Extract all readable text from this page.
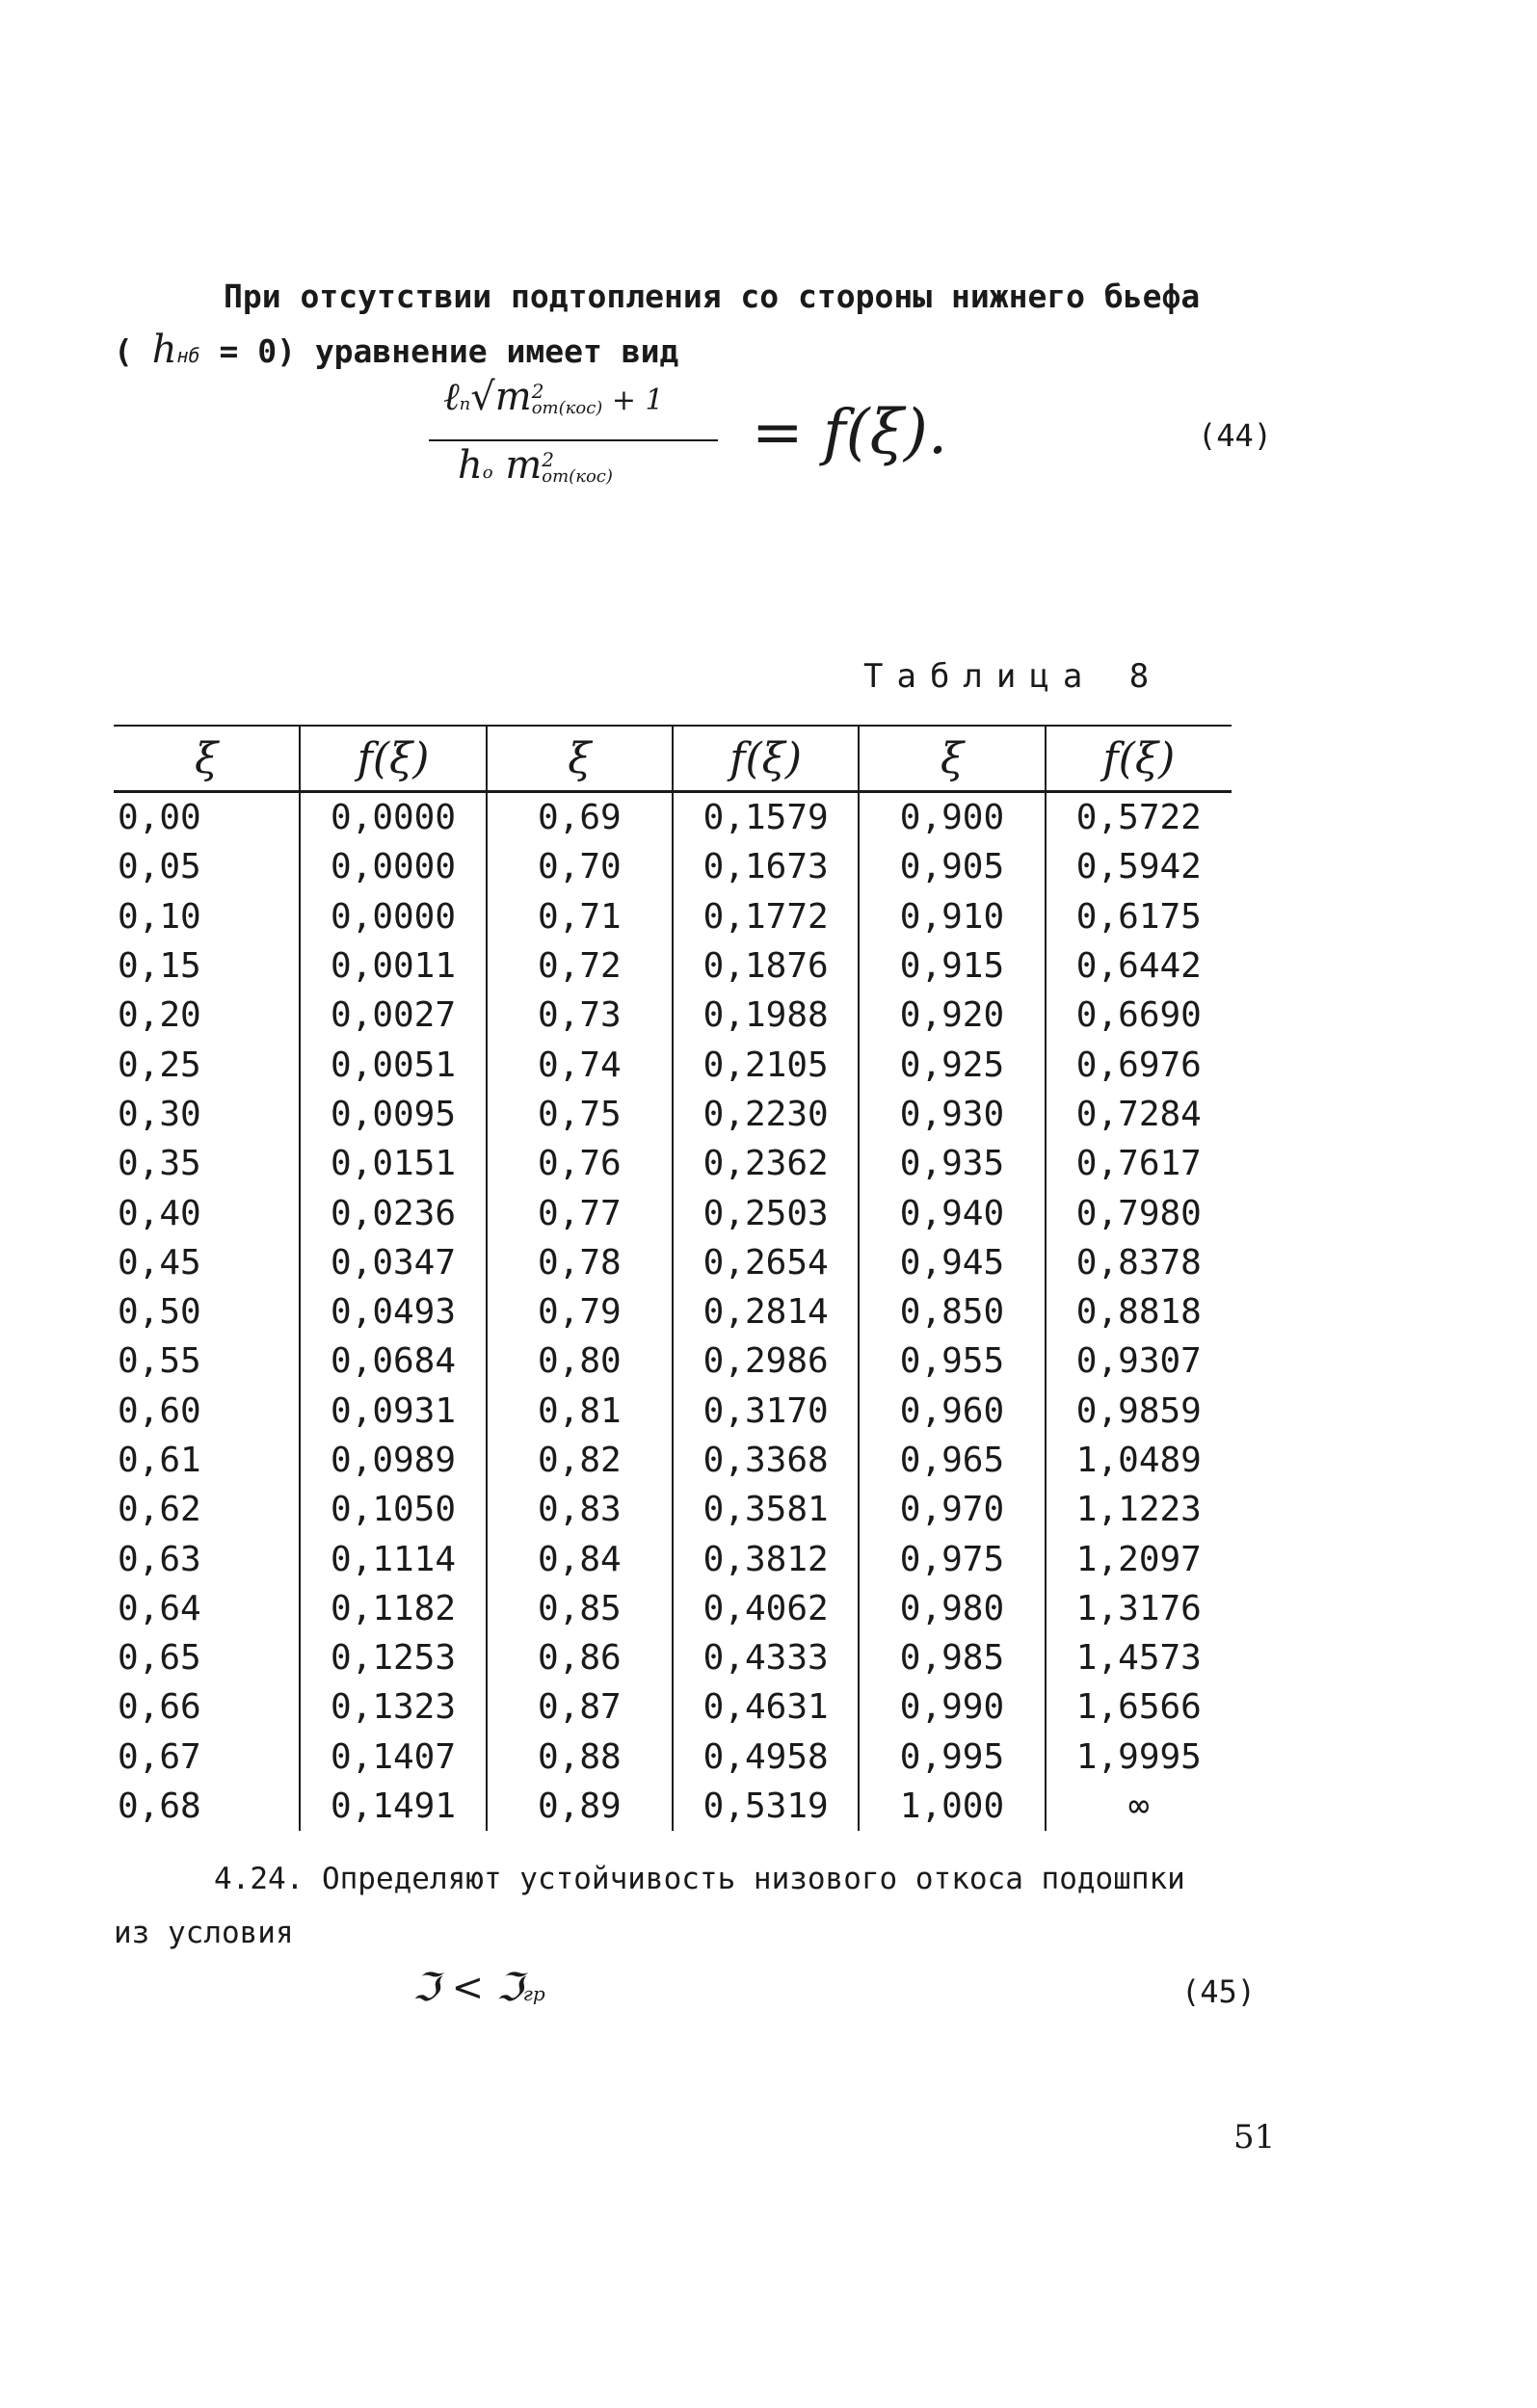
При отсутствии подтопления со стороны нижнего бьефа
( hнб = 0) уравнение имеет вид
ℓп√m 2
от(кос) + 1
hо m 2
от(кос)
= f(ξ).	(44)
Таблица 8
ξ	f(ξ)	ξ	f(ξ)	ξ	f(ξ)
0,00	0,0000	0,69	0,1579	0,900	0,5722
0,05	0,0000	0,70	0,1673	0,905	0,5942
0,10	0,0000	0,71	0,1772	0,910	0,6175
0,15	0,0011	0,72	0,1876	0,915	0,6442
0,20	0,0027	0,73	0,1988	0,920	0,6690
0,25	0,0051	0,74	0,2105	0,925	0,6976
0,30	0,0095	0,75	0,2230	0,930	0,7284
0,35	0,0151	0,76	0,2362	0,935	0,7617
0,40	0,0236	0,77	0,2503	0,940	0,7980
0,45	0,0347	0,78	0,2654	0,945	0,8378
0,50	0,0493	0,79	0,2814	0,850	0,8818
0,55	0,0684	0,80	0,2986	0,955	0,9307
0,60	0,0931	0,81	0,3170	0,960	0,9859
0,61	0,0989	0,82	0,3368	0,965	1,0489
0,62	0,1050	0,83	0,3581	0,970	1,1223
0,63	0,1114	0,84	0,3812	0,975	1,2097
0,64	0,1182	0,85	0,4062	0,980	1,3176
0,65	0,1253	0,86	0,4333	0,985	1,4573
0,66	0,1323	0,87	0,4631	0,990	1,6566
0,67	0,1407	0,88	0,4958	0,995	1,9995
0,68	0,1491	0,89	0,5319	1,000	∞
4.24. Определяют устойчивость низового откоса подошпки
из условия
ℑ < ℑгр	(45)
51
